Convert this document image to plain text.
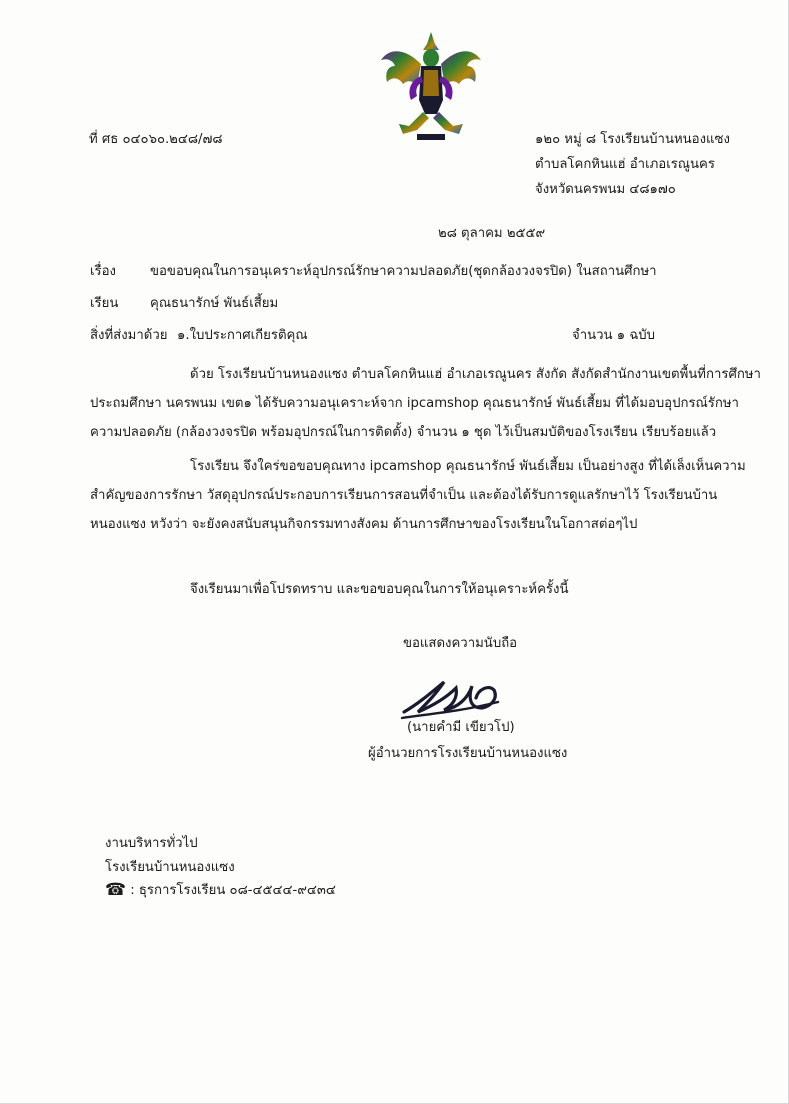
ที่ ศธ ๐๔๐๖๐.๒๔๘/๗๘	๑๒๐ หมู่ ๘ โรงเรียนบ้านหนองแซง
ตำบลโคกหินแฮ่ อำเภอเรณูนคร
จังหวัดนครพนม ๔๘๑๗๐
๒๘ ตุลาคม ๒๕๕๙
เรื่อง	ขอขอบคุณในการอนุเคราะห์อุปกรณ์รักษาความปลอดภัย(ชุดกล้องวงจรปิด) ในสถานศึกษา
เรียน คุณธนารักษ์ พันธ์เสี้ยม
สิ่งที่ส่งมาด้วย ๑.ใบประกาศเกียรติคุณ	จำนวน ๑ ฉบับ
ด้วย โรงเรียนบ้านหนองแซง ตำบลโคกหินแฮ่ อำเภอเรณูนคร สังกัด สังกัดสำนักงานเขตพื้นที่การศึกษาประถมศึกษา นครพนม เขต๑ ได้รับความอนุเคราะห์จาก ipcamshop คุณธนารักษ์ พันธ์เสี้ยม ที่ได้มอบอุปกรณ์รักษาความปลอดภัย (กล้องวงจรปิด พร้อมอุปกรณ์ในการติดตั้ง) จำนวน ๑ ชุด ไว้เป็นสมบัติของโรงเรียน เรียบร้อยแล้ว
โรงเรียน จึงใคร่ขอขอบคุณทาง ipcamshop คุณธนารักษ์ พันธ์เสี้ยม เป็นอย่างสูง ที่ได้เล็งเห็นความสำคัญของการรักษา วัสดุอุปกรณ์ประกอบการเรียนการสอนที่จำเป็น และต้องได้รับการดูแลรักษาไว้ โรงเรียนบ้านหนองแซง หวังว่า จะยังคงสนับสนุนกิจกรรมทางสังคม ด้านการศึกษาของโรงเรียนในโอกาสต่อๆไป
จึงเรียนมาเพื่อโปรดทราบ และขอขอบคุณในการให้อนุเคราะห์ครั้งนี้
ขอแสดงความนับถือ
(นายคำมี เขียวโป)
ผู้อำนวยการโรงเรียนบ้านหนองแซง
งานบริหารทั่วไป
โรงเรียนบ้านหนองแซง
☎ : ธุรการโรงเรียน ๐๘-๔๕๔๔-๙๔๓๔
